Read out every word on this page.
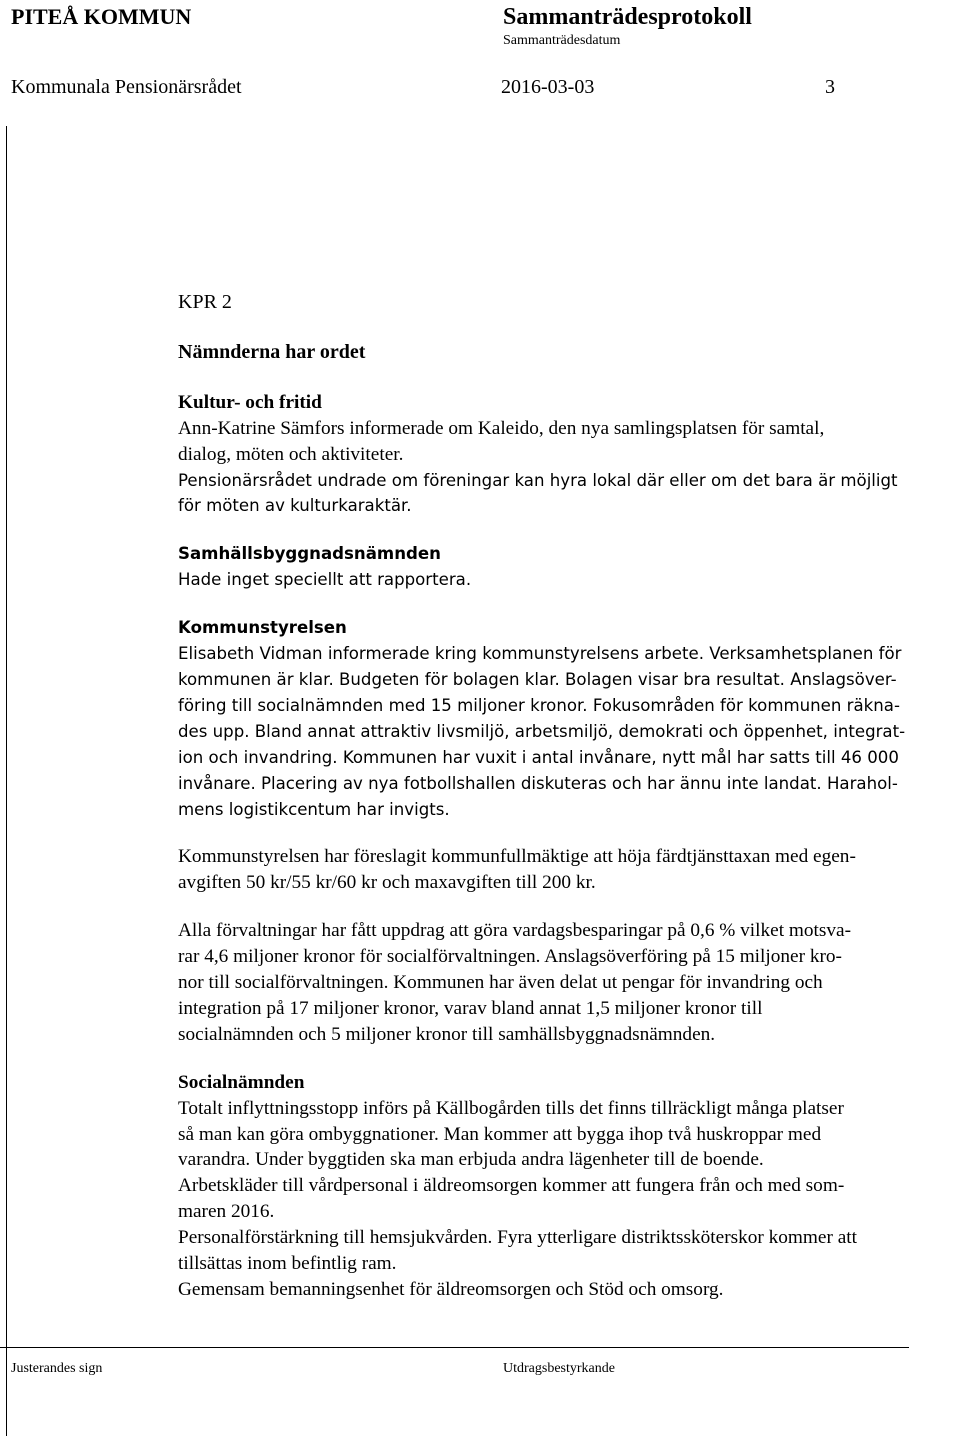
PITEÅ KOMMUN	Sammanträdesprotokoll
Sammanträdesdatum
Kommunala Pensionärsrådet	2016-03-03	3

KPR 2

Nämnderna har ordet

Kultur- och fritid

Ann-Katrine Sämfors informerade om Kaleido, den nya samlingsplatsen för samtal,
dialog, möten och aktiviteter.
Pensionärsrådet undrade om föreningar kan hyra lokal där eller om det bara är möjligt
för möten av kulturkaraktär.

Samhällsbyggnadsnämnden

Hade inget speciellt att rapportera.

Kommunstyrelsen

Elisabeth Vidman informerade kring kommunstyrelsens arbete. Verksamhetsplanen för
kommunen är klar. Budgeten för bolagen klar. Bolagen visar bra resultat. Anslagsöver-
föring till socialnämnden med 15 miljoner kronor. Fokusområden för kommunen räkna-
des upp. Bland annat attraktiv livsmiljö, arbetsmiljö, demokrati och öppenhet, integrat-
ion och invandring. Kommunen har vuxit i antal invånare, nytt mål har satts till 46 000
invånare. Placering av nya fotbollshallen diskuteras och har ännu inte landat. Harahol-
mens logistikcentum har invigts.
Kommunstyrelsen har föreslagit kommunfullmäktige att höja färdtjänsttaxan med egen-
avgiften 50 kr/55 kr/60 kr och maxavgiften till 200 kr.
Alla förvaltningar har fått uppdrag att göra vardagsbesparingar på 0,6 % vilket motsva-
rar 4,6 miljoner kronor för socialförvaltningen. Anslagsöverföring på 15 miljoner kro-
nor till socialförvaltningen. Kommunen har även delat ut pengar för invandring och
integration på 17 miljoner kronor, varav bland annat 1,5 miljoner kronor till
socialnämnden och 5 miljoner kronor till samhällsbyggnadsnämnden.

Socialnämnden

Totalt inflyttningsstopp införs på Källbogården tills det finns tillräckligt många platser
så man kan göra ombyggnationer. Man kommer att bygga ihop två huskroppar med
varandra. Under byggtiden ska man erbjuda andra lägenheter till de boende.
Arbetskläder till vårdpersonal i äldreomsorgen kommer att fungera från och med som-
maren 2016.
Personalförstärkning till hemsjukvården. Fyra ytterligare distriktssköterskor kommer att
tillsättas inom befintlig ram.
Gemensam bemanningsenhet för äldreomsorgen och Stöd och omsorg.
Justerandes sign	Utdragsbestyrkande
